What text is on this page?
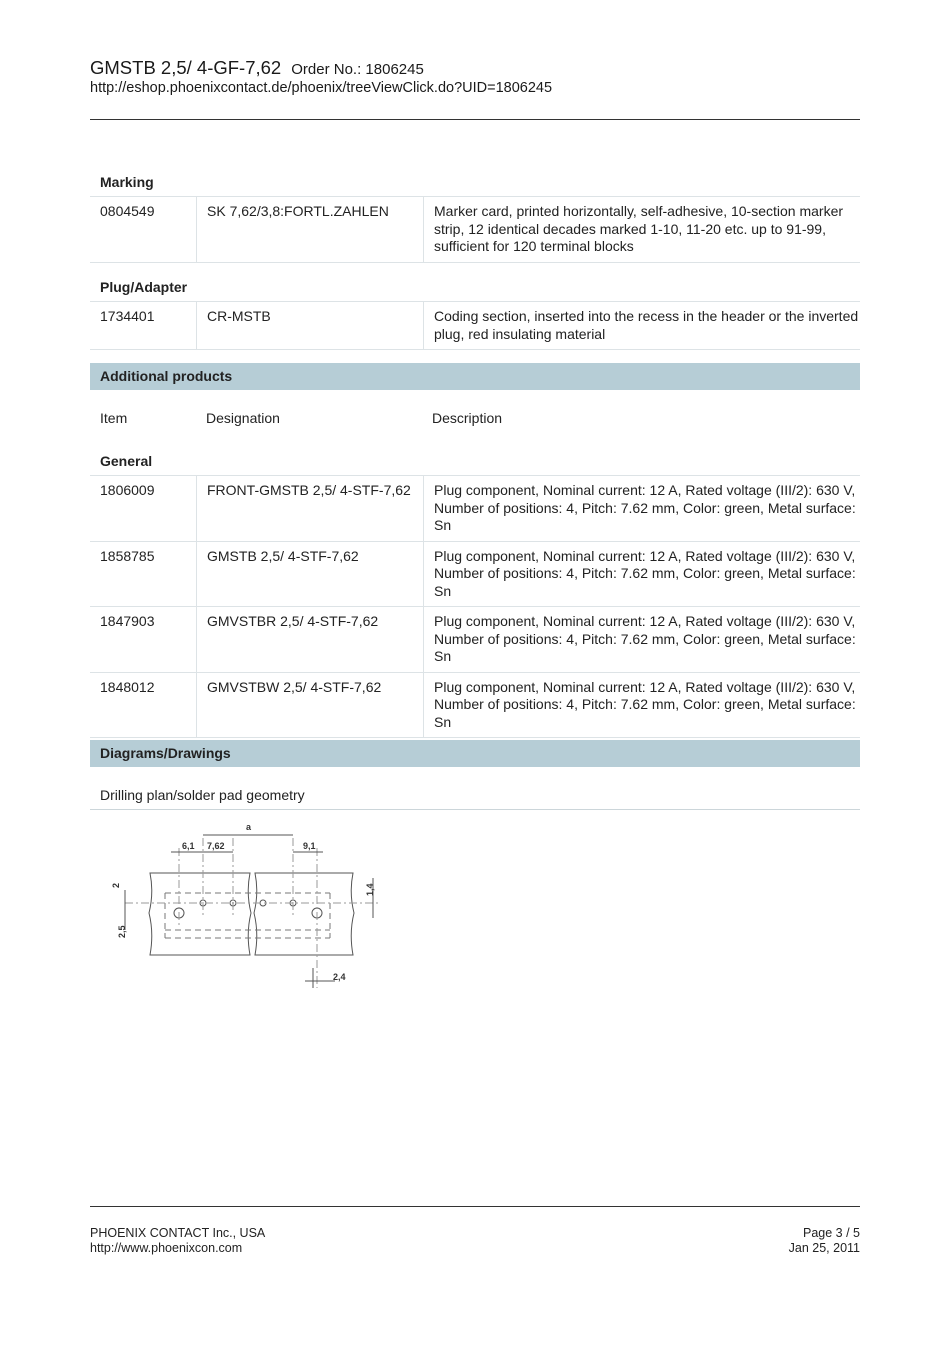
GMSTB 2,5/ 4-GF-7,62 Order No.: 1806245
http://eshop.phoenixcontact.de/phoenix/treeViewClick.do?UID=1806245
Marking
0804549	SK 7,62/3,8:FORTL.ZAHLEN	Marker card, printed horizontally, self-adhesive, 10-section marker strip, 12 identical decades marked 1-10, 11-20 etc. up to 91-99, sufficient for 120 terminal blocks
Plug/Adapter
1734401	CR-MSTB	Coding section, inserted into the recess in the header or the inverted plug, red insulating material
Additional products
Item	Designation	Description
General
1806009	FRONT-GMSTB 2,5/ 4-STF-7,62	Plug component, Nominal current: 12 A, Rated voltage (III/2): 630 V, Number of positions: 4, Pitch: 7.62 mm, Color: green, Metal surface: Sn
1858785	GMSTB 2,5/ 4-STF-7,62	Plug component, Nominal current: 12 A, Rated voltage (III/2): 630 V, Number of positions: 4, Pitch: 7.62 mm, Color: green, Metal surface: Sn
1847903	GMVSTBR 2,5/ 4-STF-7,62	Plug component, Nominal current: 12 A, Rated voltage (III/2): 630 V, Number of positions: 4, Pitch: 7.62 mm, Color: green, Metal surface: Sn
1848012	GMVSTBW 2,5/ 4-STF-7,62	Plug component, Nominal current: 12 A, Rated voltage (III/2): 630 V, Number of positions: 4, Pitch: 7.62 mm, Color: green, Metal surface: Sn
Diagrams/Drawings
Drilling plan/solder pad geometry
a
6,1 7,62	9,1
2
2,5
1,4
2,4
PHOENIX CONTACT Inc., USA
http://www.phoenixcon.com
Page 3 / 5
Jan 25, 2011
